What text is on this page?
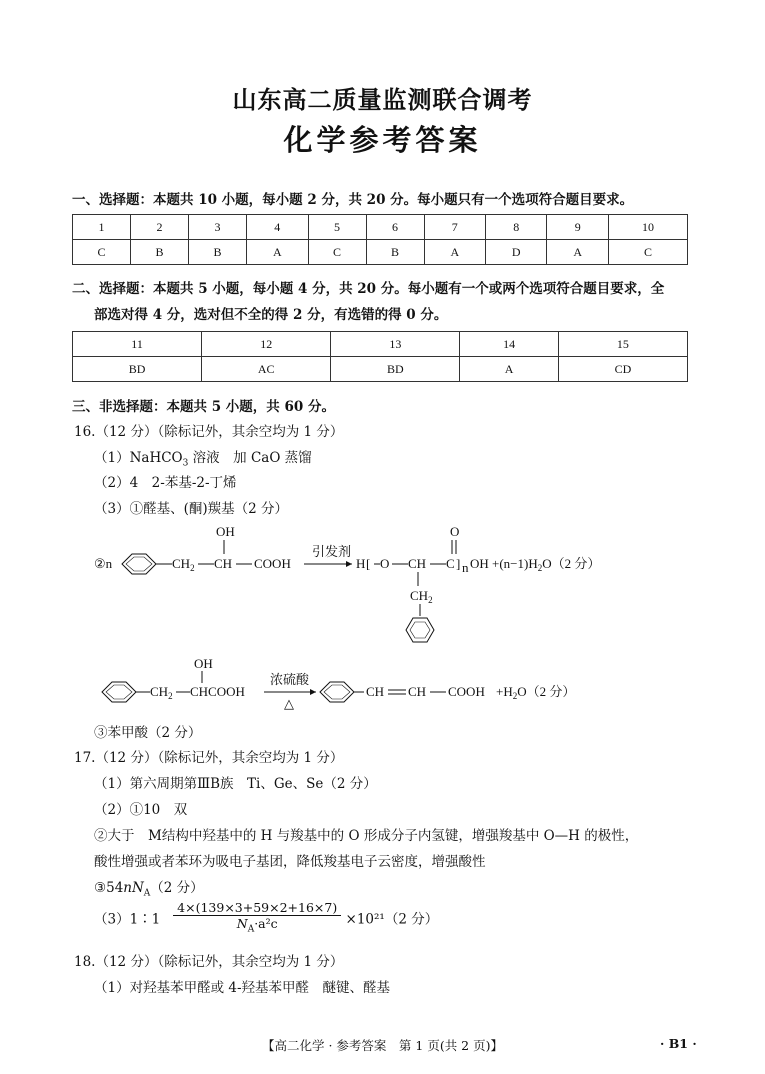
山东高二质量监测联合调考
化学参考答案
一、选择题：本题共 10 小题，每小题 2 分，共 20 分。每小题只有一个选项符合题目要求。
1	2	3	4	5	6	7	8	9	10
C	B	B	A	C	B	A	D	A	C
二、选择题：本题共 5 小题，每小题 4 分，共 20 分。每小题有一个或两个选项符合题目要求，全
部选对得 4 分，选对但不全的得 2 分，有选错的得 0 分。
11	12	13	14	15
BD	AC	BD	A	CD
三、非选择题：本题共 5 小题，共 60 分。
16.（12 分）（除标记外，其余空均为 1 分）
（1）NaHCO$_3$ 溶液　加 CaO 蒸馏
（2）4　2-苯基-2-丁烯
（3）①醛基、(酮)羰基（2 分）
②n	$CH_2$ CH
OH
COOH
引发剂
H [ O CH C
O
] n OH $+(n-1)H_2O(2$ 分）
$CH_2$
$CH_2$ CHCOOH
OH
浓硫酸
△
CH CH COOH $+H_2O(2$ 分）
③苯甲酸（2 分）
17.（12 分）（除标记外，其余空均为 1 分）
（1）第六周期第ⅢB族　Ti、Ge、Se（2 分）
（2）①10　双
②大于　M结构中羟基中的 H 与羧基中的 O 形成分子内氢键，增强羧基中 O—H 的极性，
酸性增强或者苯环为吸电子基团，降低羧基电子云密度，增强酸性
$③54nN_A(2$ 分）
（3）1∶1 $\frac{4\times(139\times 3+59\times 2+16\times 7)}{N_A\cdot a^2c} \times 10^{21}(2$ 分）
18.（12 分）（除标记外，其余空均为 1 分）
（1）对羟基苯甲醛或 4-羟基苯甲醛　醚键、醛基
【高二化学 · 参考答案　第 1 页(共 2 页)】	· B1 ·
